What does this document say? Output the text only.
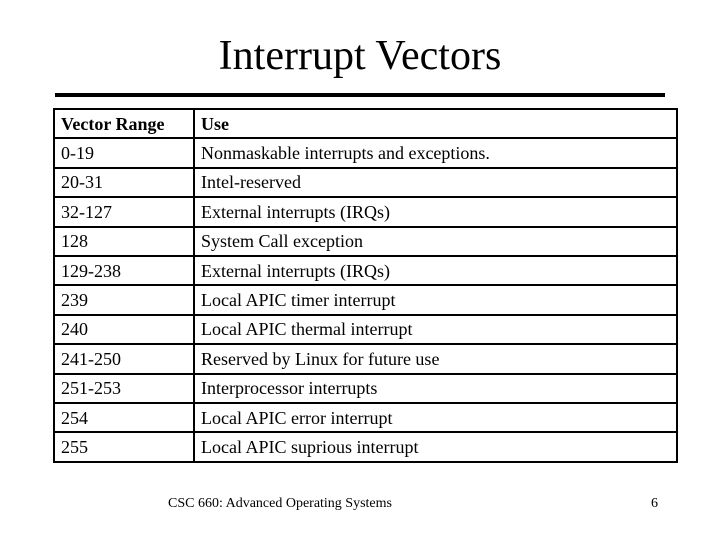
Interrupt Vectors
Vector Range	Use
0-19	Nonmaskable interrupts and exceptions.
20-31	Intel-reserved
32-127	External interrupts (IRQs)
128	System Call exception
129-238	External interrupts (IRQs)
239	Local APIC timer interrupt
240	Local APIC thermal interrupt
241-250	Reserved by Linux for future use
251-253	Interprocessor interrupts
254	Local APIC error interrupt
255	Local APIC suprious interrupt
CSC 660: Advanced Operating Systems	6
